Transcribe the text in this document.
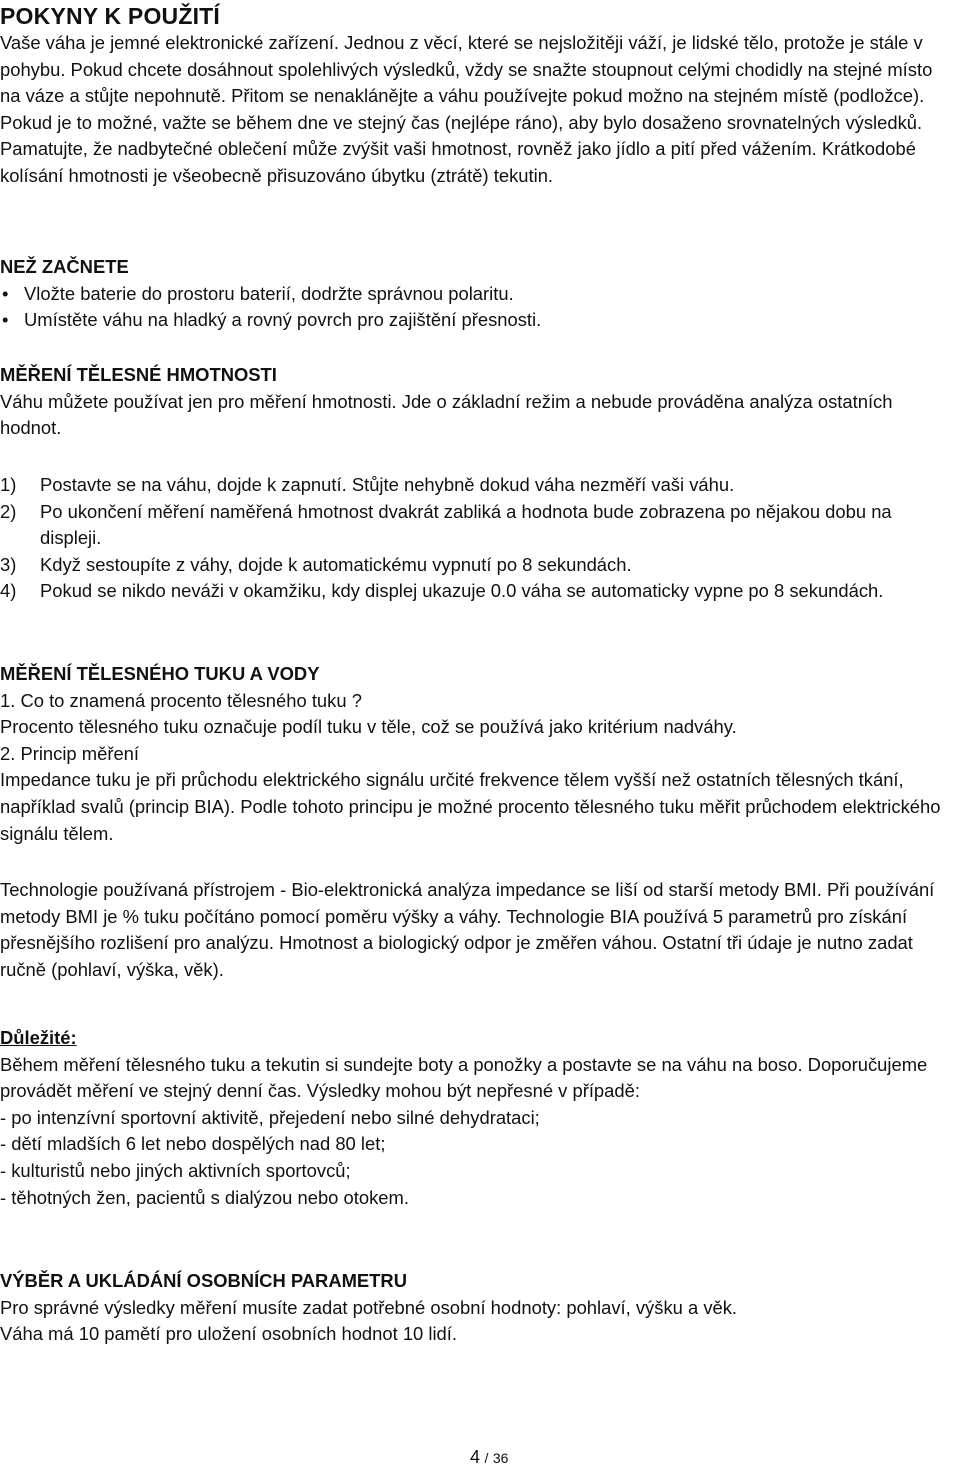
POKYNY K POUŽITÍ

Vaše váha je jemné elektronické zařízení. Jednou z věcí, které se nejsložitěji váží, je lidské tělo, protože je stále v pohybu. Pokud chcete dosáhnout spolehlivých výsledků, vždy se snažte stoupnout celými chodidly na stejné místo na váze a stůjte nepohnutě. Přitom se nenaklánějte a váhu používejte pokud možno na stejném místě (podložce). Pokud je to možné, važte se během dne ve stejný čas (nejlépe ráno), aby bylo dosaženo srovnatelných výsledků. Pamatujte, že nadbytečné oblečení může zvýšit vaši hmotnost, rovněž jako jídlo a pití před vážením. Krátkodobé kolísání hmotnosti je všeobecně přisuzováno úbytku (ztrátě) tekutin.

NEŽ ZAČNETE

• Vložte baterie do prostoru baterií, dodržte správnou polaritu.
• Umístěte váhu na hladký a rovný povrch pro zajištění přesnosti.

MĚŘENÍ TĚLESNÉ HMOTNOSTI

Váhu můžete používat jen pro měření hmotnosti. Jde o základní režim a nebude prováděna analýza ostatních hodnot.

1) Postavte se na váhu, dojde k zapnutí. Stůjte nehybně dokud váha nezměří vaši váhu.
2) Po ukončení měření naměřená hmotnost dvakrát zabliká a hodnota bude zobrazena po nějakou dobu na displeji.
3) Když sestoupíte z váhy, dojde k automatickému vypnutí po 8 sekundách.
4) Pokud se nikdo neváži v okamžiku, kdy displej ukazuje 0.0 váha se automaticky vypne po 8 sekundách.

MĚŘENÍ TĚLESNÉHO TUKU A VODY

1. Co to znamená procento tělesného tuku ?

Procento tělesného tuku označuje podíl tuku v těle, což se používá jako kritérium nadváhy.

2. Princip měření

Impedance tuku je při průchodu elektrického signálu určité frekvence tělem vyšší než ostatních tělesných tkání, například svalů (princip BIA). Podle tohoto principu je možné procento tělesného tuku měřit průchodem elektrického signálu tělem.

Technologie používaná přístrojem - Bio-elektronická analýza impedance se liší od starší metody BMI. Při používání metody BMI je % tuku počítáno pomocí poměru výšky a váhy. Technologie BIA používá 5 parametrů pro získání přesnějšího rozlišení pro analýzu. Hmotnost a biologický odpor je změřen váhou. Ostatní tři údaje je nutno zadat ručně (pohlaví, výška, věk).

Důležité:

Během měření tělesného tuku a tekutin si sundejte boty a ponožky a postavte se na váhu na boso. Doporučujeme provádět měření ve stejný denní čas. Výsledky mohou být nepřesné v případě:

- po intenzívní sportovní aktivitě, přejedení nebo silné dehydrataci;

- dětí mladších 6 let nebo dospělých nad 80 let;

- kulturistů nebo jiných aktivních sportovců;

- těhotných žen, pacientů s dialýzou nebo otokem.

VÝBĚR A UKLÁDÁNÍ OSOBNÍCH PARAMETRU

Pro správné výsledky měření musíte zadat potřebné osobní hodnoty: pohlaví, výšku a věk.

Váha má 10 pamětí pro uložení osobních hodnot 10 lidí.

4 / 36
